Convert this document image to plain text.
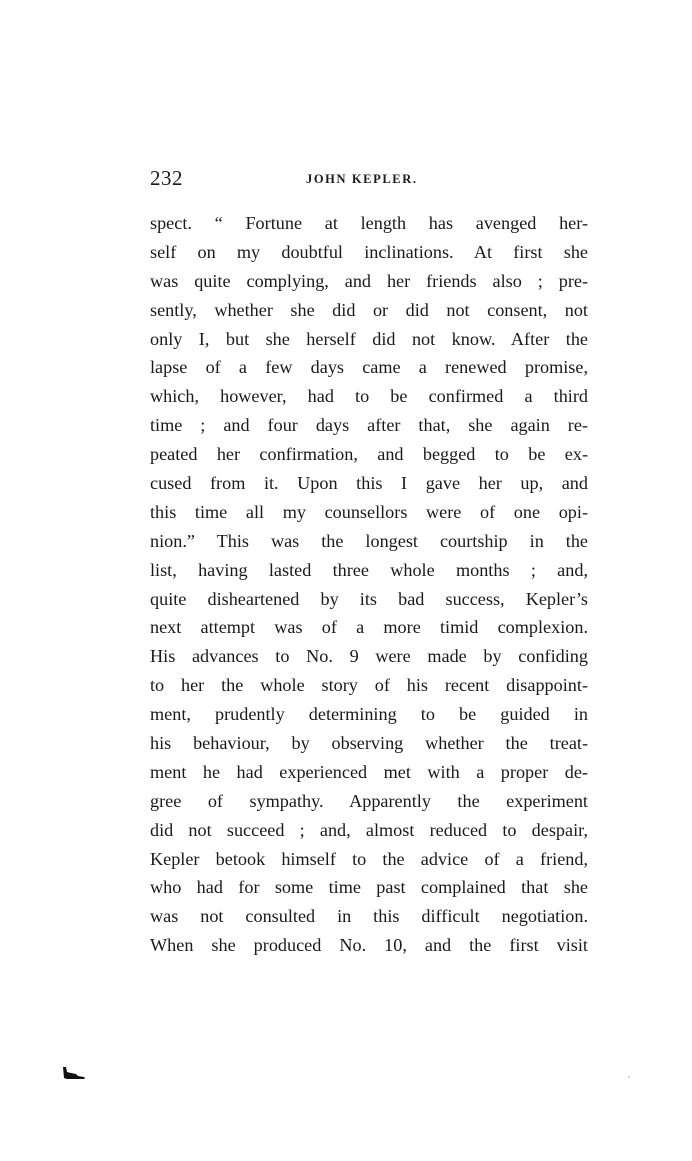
232	JOHN KEPLER.
spect. “ Fortune at length has avenged her-
self on my doubtful inclinations. At first she
was quite complying, and her friends also ; pre-
sently, whether she did or did not consent, not
only I, but she herself did not know. After the
lapse of a few days came a renewed promise,
which, however, had to be confirmed a third
time ; and four days after that, she again re-
peated her confirmation, and begged to be ex-
cused from it. Upon this I gave her up, and
this time all my counsellors were of one opi-
nion.” This was the longest courtship in the
list, having lasted three whole months ; and,
quite disheartened by its bad success, Kepler’s
next attempt was of a more timid complexion.
His advances to No. 9 were made by confiding
to her the whole story of his recent disappoint-
ment, prudently determining to be guided in
his behaviour, by observing whether the treat-
ment he had experienced met with a proper de-
gree of sympathy. Apparently the experiment
did not succeed ; and, almost reduced to despair,
Kepler betook himself to the advice of a friend,
who had for some time past complained that she
was not consulted in this difficult negotiation.
When she produced No. 10, and the first visit
